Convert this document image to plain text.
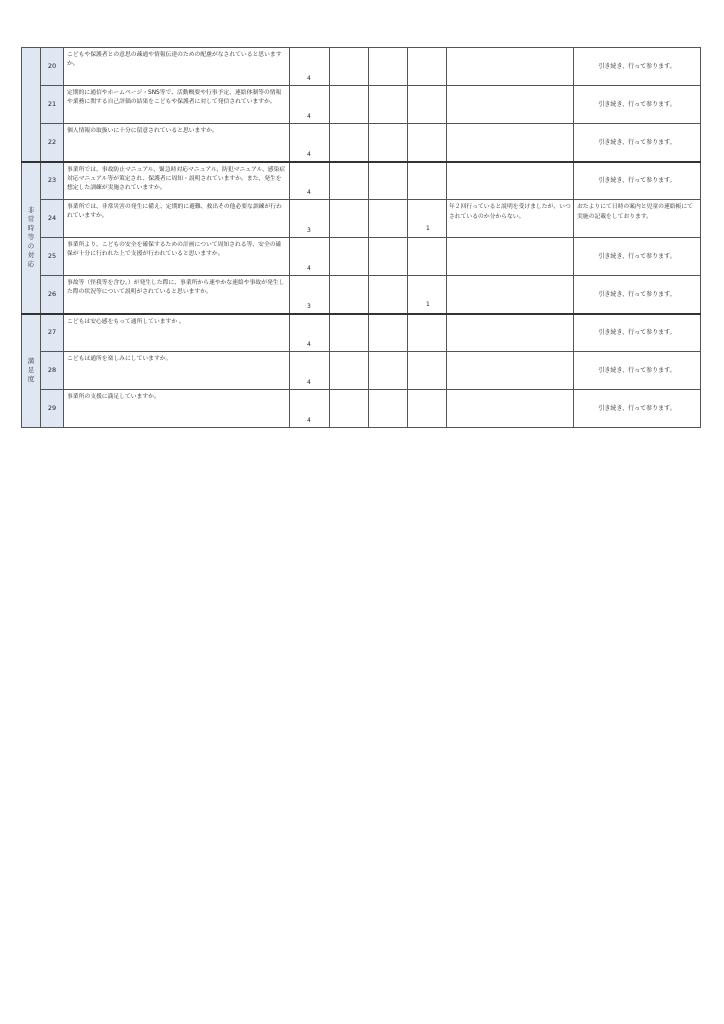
	20	こどもや保護者との意思の疎通や情報伝達のための配慮がなされていると思いますか。	4					引き続き、行って参ります。
	21	定期的に通信やホームページ・SNS等で、活動概要や行事予定、連絡体制等の情報や業務に関する自己評価の結果をこどもや保護者に対して発信されていますか。	4					引き続き、行って参ります。
	22	個人情報の取扱いに十分に留意されていると思いますか。	4					引き続き、行って参ります。
非常時等の対応	23	事業所では、事故防止マニュアル、緊急時対応マニュアル、防犯マニュアル、感染症対応マニュアル等が策定され、保護者に周知・説明されていますか。また、発生を想定した訓練が実施されていますか。	4					引き続き、行って参ります。
	24	事業所では、非常災害の発生に備え、定期的に避難、救出その他必要な訓練が行われていますか。	3			1	年２回行っていると説明を受けましたが、いつされているのか分からない。	おたよりにて日時の案内と児童の連絡帳にて実施の記載をしております。
	25	事業所より、こどもの安全を確保するための計画について周知される等、安全の確保が十分に行われた上で支援が行われていると思いますか。	4					引き続き、行って参ります。
	26	事故等（怪我等を含む。）が発生した際に、事業所から速やかな連絡や事故が発生した際の状況等について説明がされていると思いますか。	3			1		引き続き、行って参ります。
満足度	27	こどもは安心感をもって通所していますか 。	4					引き続き、行って参ります。
	28	こどもは通所を楽しみにしていますか。	4					引き続き、行って参ります。
	29	事業所の支援に満足していますか。	4					引き続き、行って参ります。
